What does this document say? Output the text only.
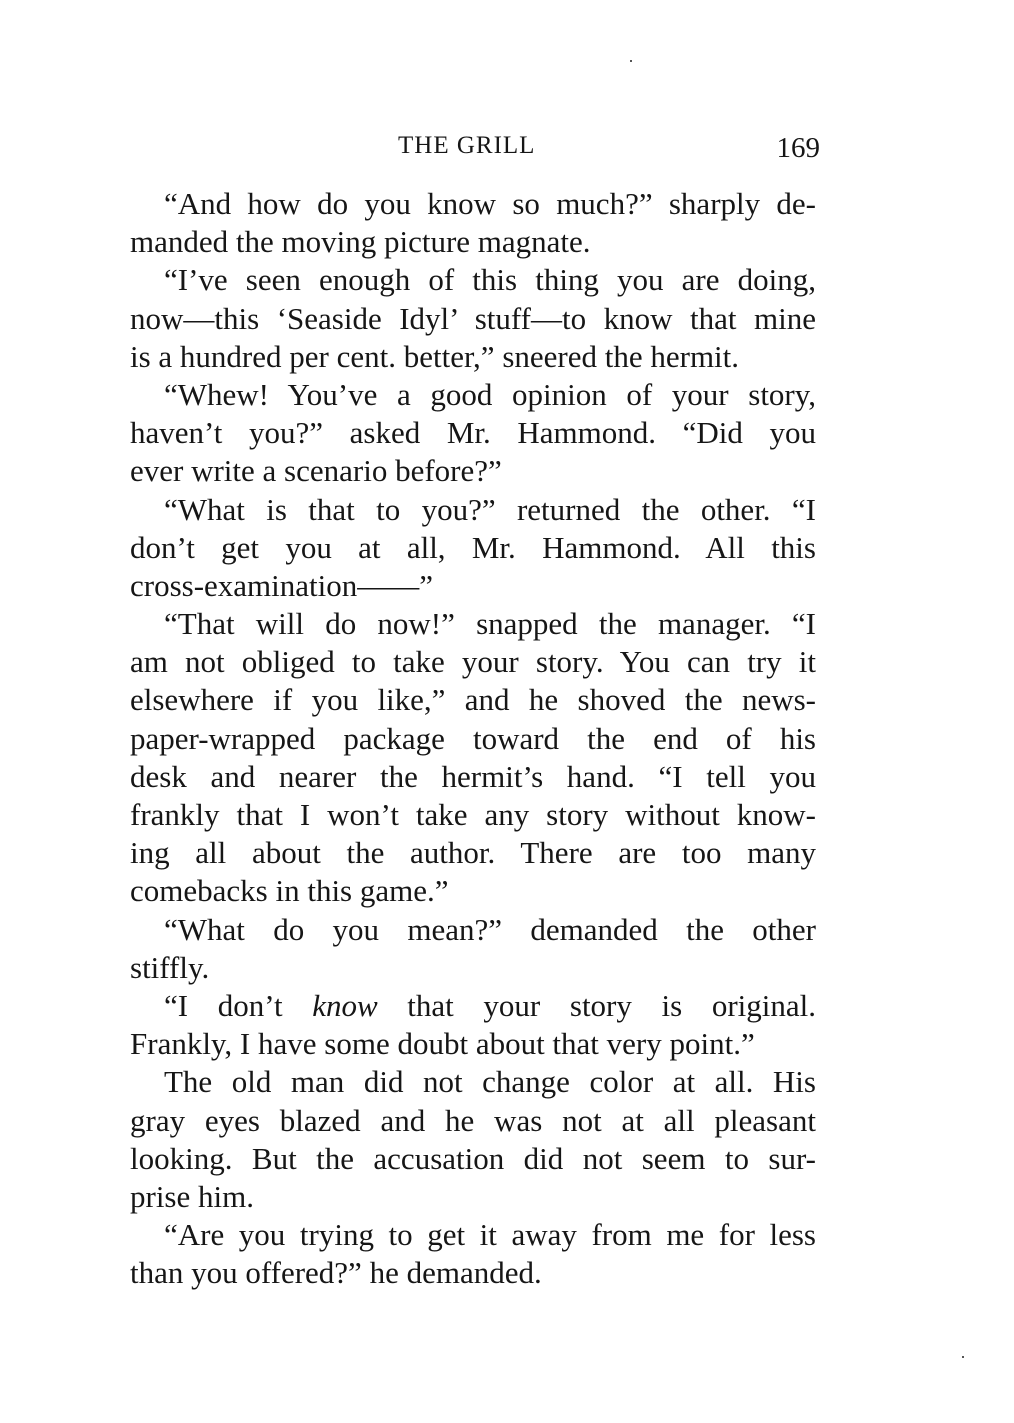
THE GRILL	169
“And how do you know so much?” sharply de-
manded the moving picture magnate.
“I’ve seen enough of this thing you are doing,
now—this ‘Seaside Idyl’ stuff—to know that mine
is a hundred per cent. better,” sneered the hermit.
“Whew! You’ve a good opinion of your story,
haven’t you?” asked Mr. Hammond. “Did you
ever write a scenario before?”
“What is that to you?” returned the other. “I
don’t get you at all, Mr. Hammond. All this
cross-examination——”
“That will do now!” snapped the manager. “I
am not obliged to take your story. You can try it
elsewhere if you like,” and he shoved the news-
paper-wrapped package toward the end of his
desk and nearer the hermit’s hand. “I tell you
frankly that I won’t take any story without know-
ing all about the author. There are too many
comebacks in this game.”
“What do you mean?” demanded the other
stiffly.
“I don’t know that your story is original.
Frankly, I have some doubt about that very point.”
The old man did not change color at all. His
gray eyes blazed and he was not at all pleasant
looking. But the accusation did not seem to sur-
prise him.
“Are you trying to get it away from me for less
than you offered?” he demanded.
